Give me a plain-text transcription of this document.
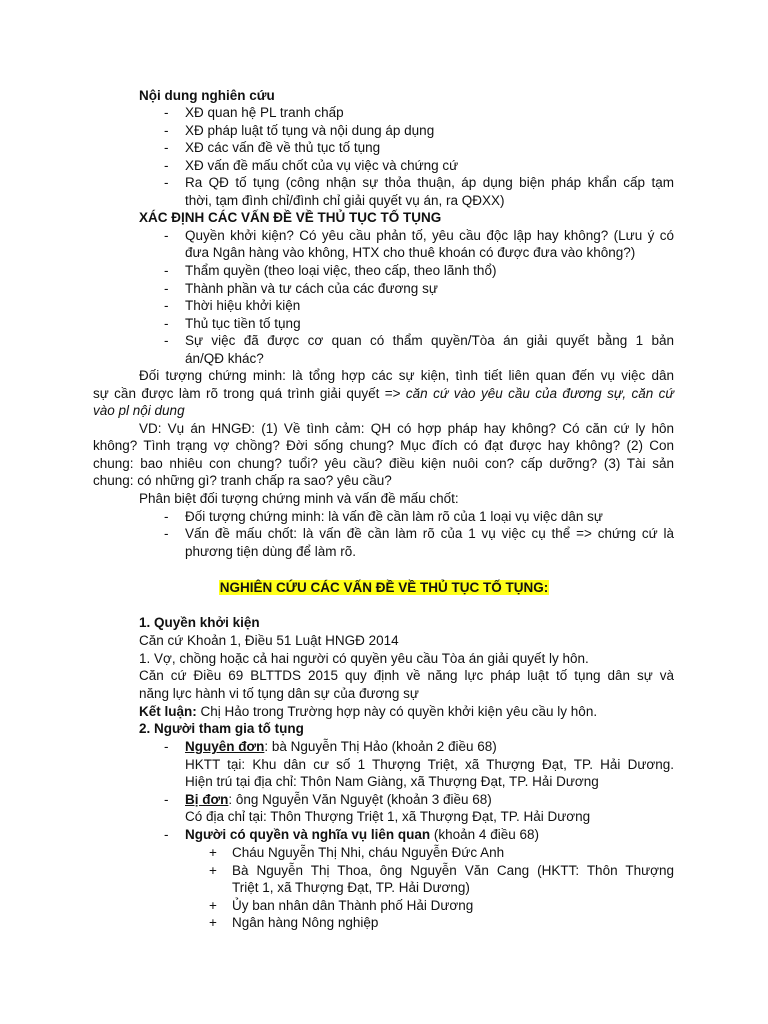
Nội dung nghiên cứu
- XĐ quan hệ PL tranh chấp
- XĐ pháp luật tố tụng và nội dung áp dụng
- XĐ các vấn đề về thủ tục tố tụng
- XĐ vấn đề mấu chốt của vụ việc và chứng cứ
- Ra QĐ tố tụng (công nhận sự thỏa thuận, áp dụng biện pháp khẩn cấp tạm
thời, tạm đình chỉ/đình chỉ giải quyết vụ án, ra QĐXX)
XÁC ĐỊNH CÁC VẤN ĐỀ VỀ THỦ TỤC TỐ TỤNG
- Quyền khởi kiện? Có yêu cầu phản tố, yêu cầu độc lập hay không? (Lưu ý có
đưa Ngân hàng vào không, HTX cho thuê khoán có được đưa vào không?)
- Thẩm quyền (theo loại việc, theo cấp, theo lãnh thổ)
- Thành phần và tư cách của các đương sự
- Thời hiệu khởi kiện
- Thủ tục tiền tố tụng
- Sự việc đã được cơ quan có thẩm quyền/Tòa án giải quyết bằng 1 bản
án/QĐ khác?
Đối tượng chứng minh: là tổng hợp các sự kiện, tình tiết liên quan đến vụ việc dân
sự cần được làm rõ trong quá trình giải quyết => căn cứ vào yêu cầu của đương sự, căn cứ
vào pl nội dung
VD: Vụ án HNGĐ: (1) Về tình cảm: QH có hợp pháp hay không? Có căn cứ ly hôn
không? Tình trạng vợ chồng? Đời sống chung? Mục đích có đạt được hay không? (2) Con
chung: bao nhiêu con chung? tuổi? yêu cầu? điều kiện nuôi con? cấp dưỡng? (3) Tài sản
chung: có những gì? tranh chấp ra sao? yêu cầu?
Phân biệt đối tượng chứng minh và vấn đề mấu chốt:
- Đối tượng chứng minh: là vấn đề cần làm rõ của 1 loại vụ việc dân sự
- Vấn đề mấu chốt: là vấn đề cần làm rõ của 1 vụ việc cụ thể => chứng cứ là
phương tiện dùng để làm rõ.
NGHIÊN CỨU CÁC VẤN ĐỀ VỀ THỦ TỤC TỐ TỤNG:
1. Quyền khởi kiện
Căn cứ Khoản 1, Điều 51 Luật HNGĐ 2014
1. Vợ, chồng hoặc cả hai người có quyền yêu cầu Tòa án giải quyết ly hôn.
Căn cứ Điều 69 BLTTDS 2015 quy định về năng lực pháp luật tố tụng dân sự và
năng lực hành vi tố tụng dân sự của đương sự
Kết luận: Chị Hảo trong Trường hợp này có quyền khởi kiện yêu cầu ly hôn.
2. Người tham gia tố tụng
- Nguyên đơn: bà Nguyễn Thị Hảo (khoản 2 điều 68)
HKTT tại: Khu dân cư số 1 Thượng Triệt, xã Thượng Đạt, TP. Hải Dương.
Hiện trú tại địa chỉ: Thôn Nam Giàng, xã Thượng Đạt, TP. Hải Dương
- Bị đơn: ông Nguyễn Văn Nguyệt (khoản 3 điều 68)
Có địa chỉ tại: Thôn Thượng Triệt 1, xã Thượng Đạt, TP. Hải Dương
- Người có quyền và nghĩa vụ liên quan (khoản 4 điều 68)
+ Cháu Nguyễn Thị Nhi, cháu Nguyễn Đức Anh
+ Bà Nguyễn Thị Thoa, ông Nguyễn Văn Cang (HKTT: Thôn Thượng
Triệt 1, xã Thượng Đạt, TP. Hải Dương)
+ Ủy ban nhân dân Thành phố Hải Dương
+ Ngân hàng Nông nghiệp
